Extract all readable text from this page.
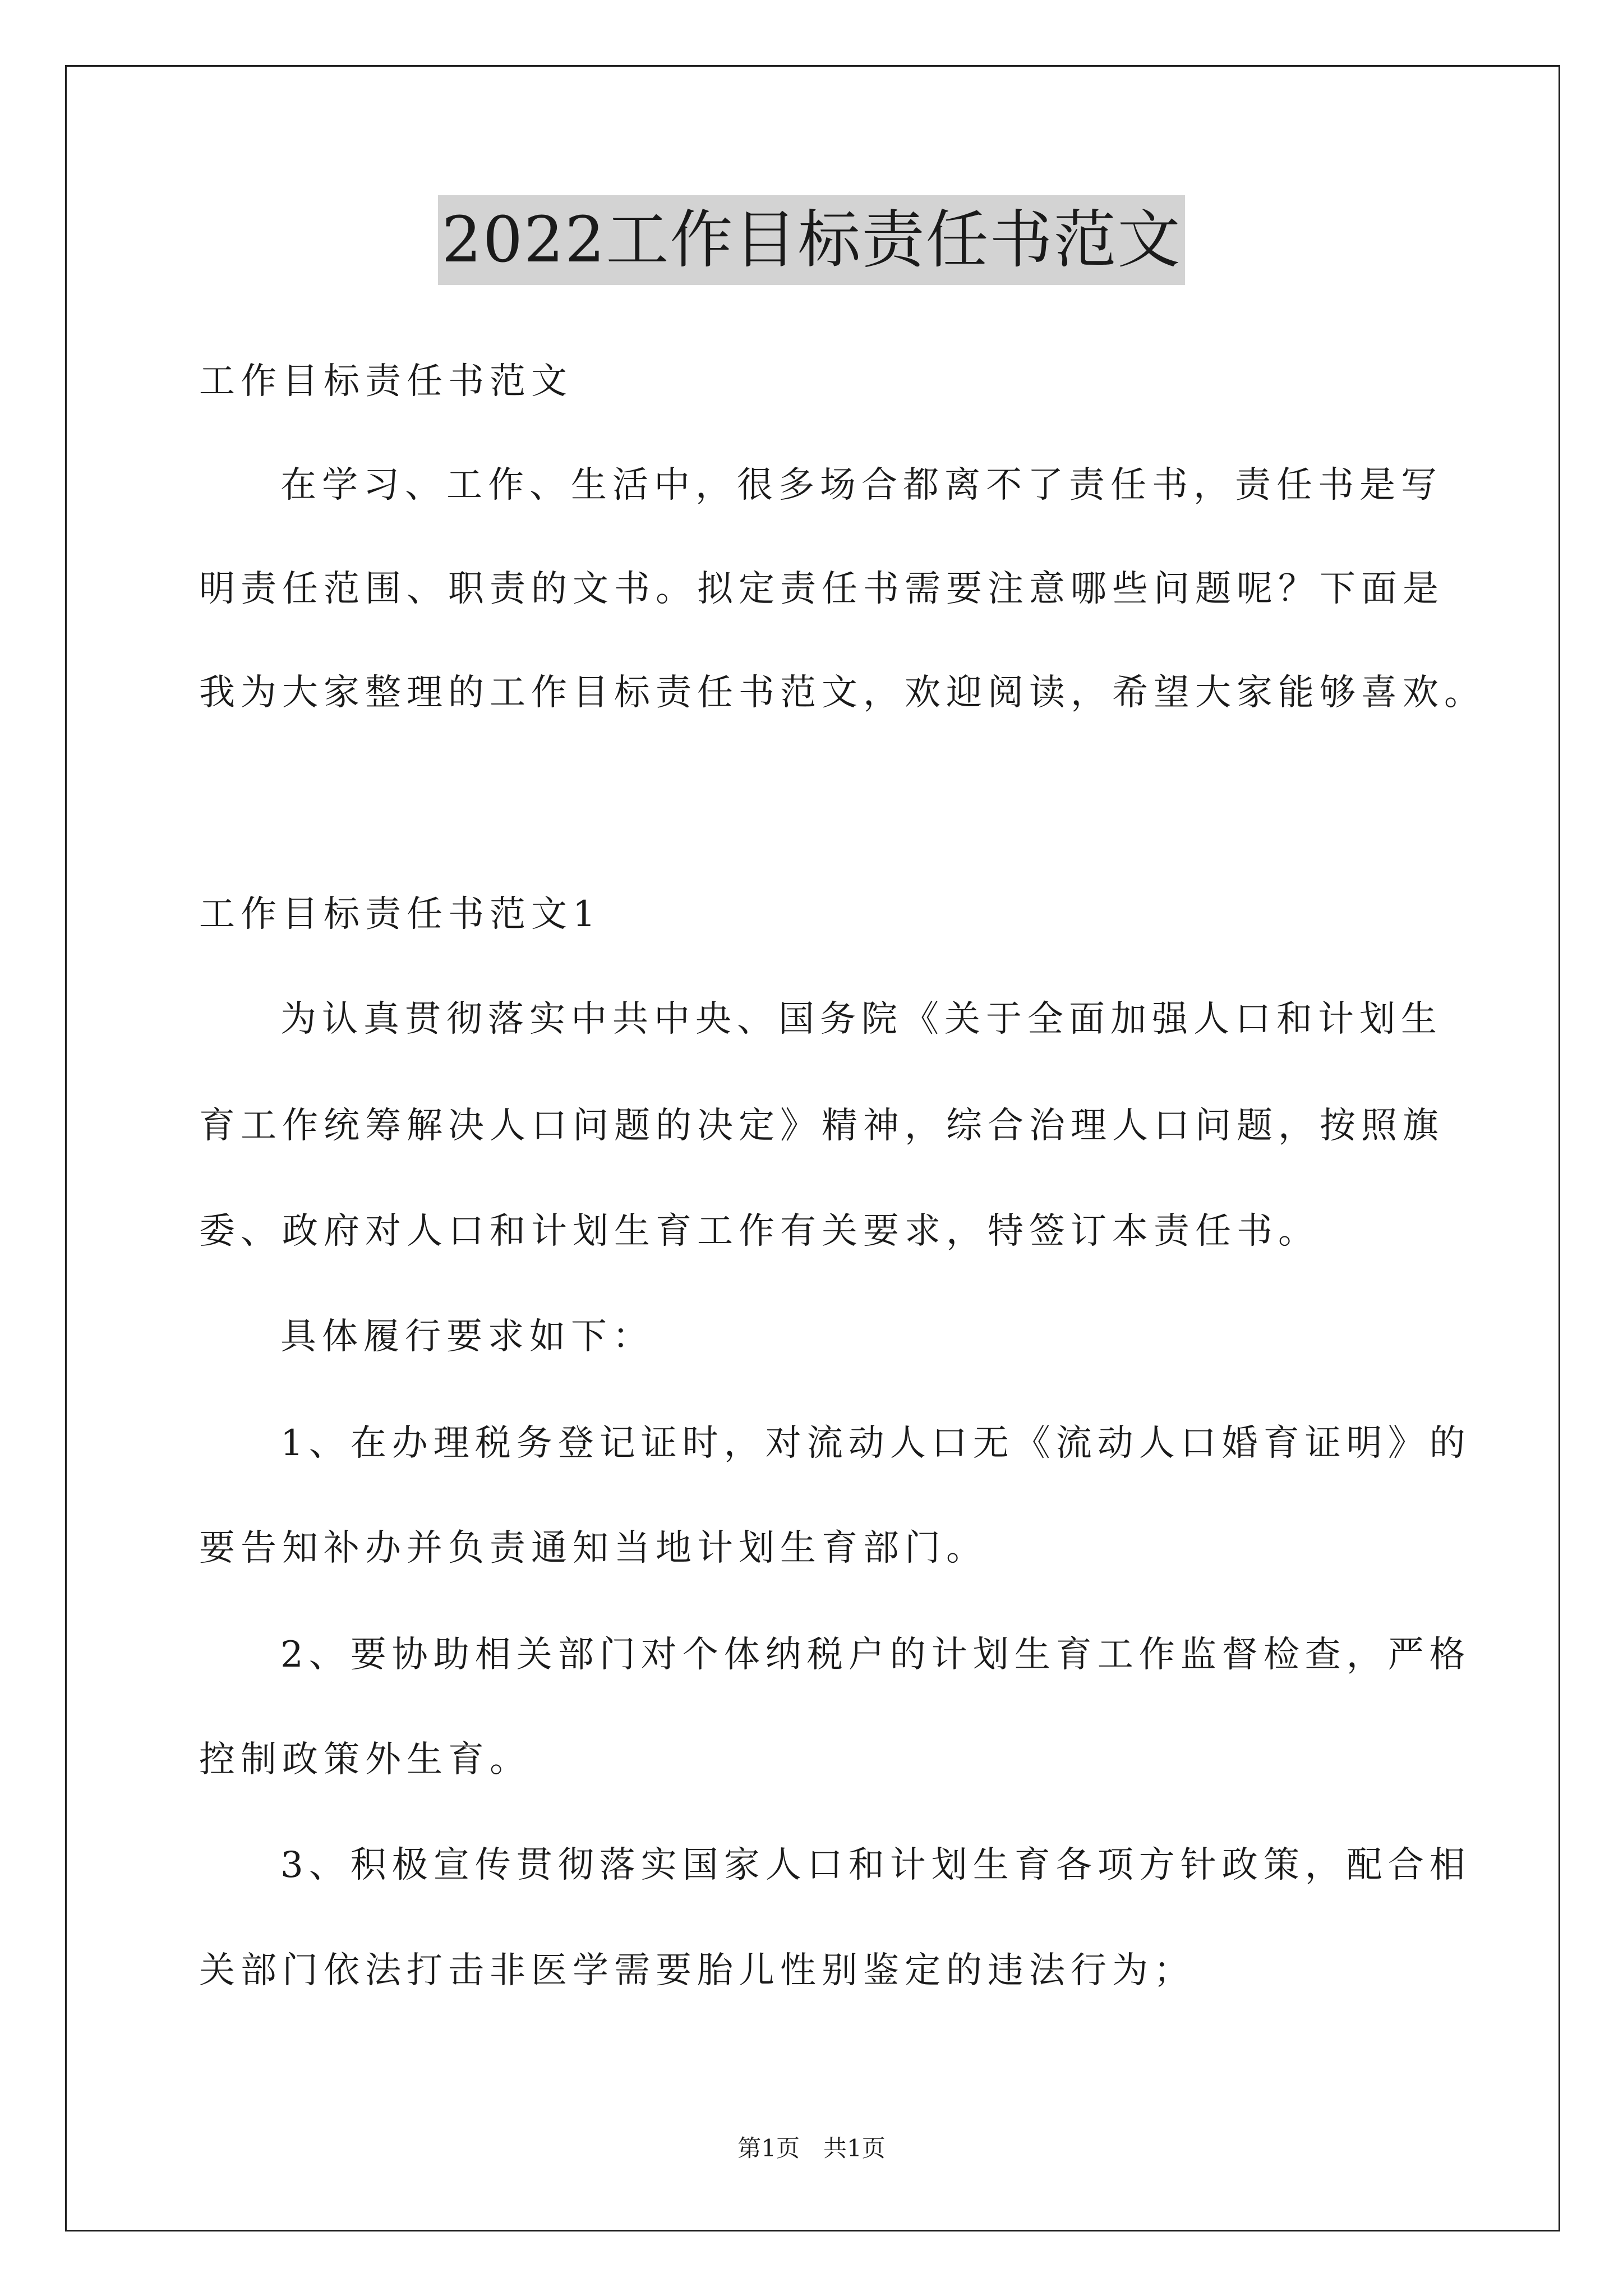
2022工作目标责任书范文
工作目标责任书范文
在学习、工作、生活中，很多场合都离不了责任书，责任书是写
明责任范围、职责的文书。拟定责任书需要注意哪些问题呢？下面是
我为大家整理的工作目标责任书范文，欢迎阅读，希望大家能够喜欢。
工作目标责任书范文1
为认真贯彻落实中共中央、国务院《关于全面加强人口和计划生
育工作统筹解决人口问题的决定》精神，综合治理人口问题，按照旗
委、政府对人口和计划生育工作有关要求，特签订本责任书。
具体履行要求如下：
1、在办理税务登记证时，对流动人口无《流动人口婚育证明》的
要告知补办并负责通知当地计划生育部门。
2、要协助相关部门对个体纳税户的计划生育工作监督检查，严格
控制政策外生育。
3、积极宣传贯彻落实国家人口和计划生育各项方针政策，配合相
关部门依法打击非医学需要胎儿性别鉴定的违法行为；
第1页　共1页
